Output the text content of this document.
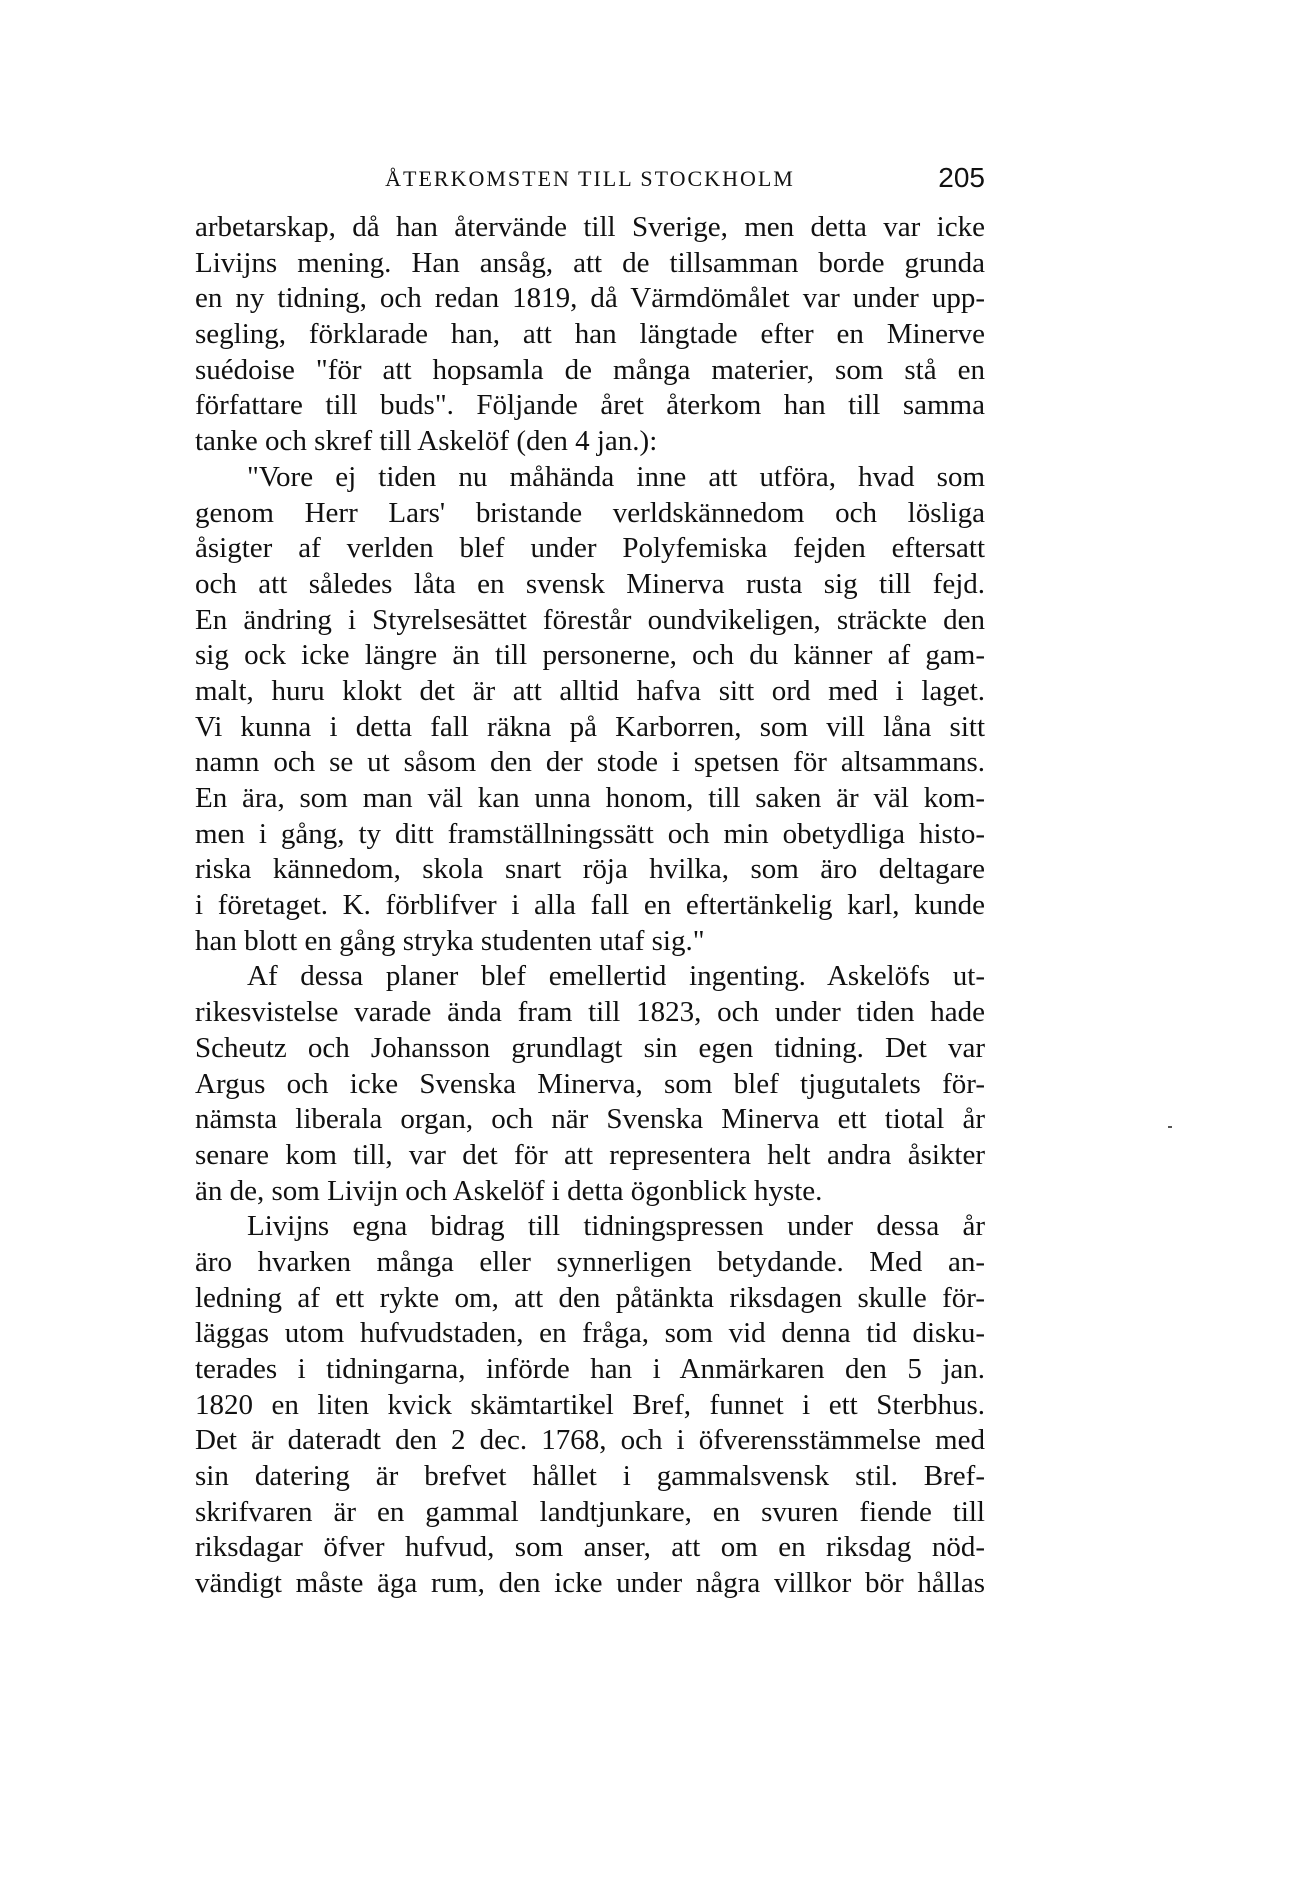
ÅTERKOMSTEN TILL STOCKHOLM	205
arbetarskap, då han återvände till Sverige, men detta var icke
Livijns mening. Han ansåg, att de tillsamman borde grunda
en ny tidning, och redan 1819, då Värmdömålet var under upp-
segling, förklarade han, att han längtade efter en Minerve
suédoise "för att hopsamla de många materier, som stå en
författare till buds". Följande året återkom han till samma
tanke och skref till Askelöf (den 4 jan.):
"Vore ej tiden nu måhända inne att utföra, hvad som
genom Herr Lars' bristande verldskännedom och lösliga
åsigter af verlden blef under Polyfemiska fejden eftersatt
och att således låta en svensk Minerva rusta sig till fejd.
En ändring i Styrelsesättet förestår oundvikeligen, sträckte den
sig ock icke längre än till personerne, och du känner af gam-
malt, huru klokt det är att alltid hafva sitt ord med i laget.
Vi kunna i detta fall räkna på Karborren, som vill låna sitt
namn och se ut såsom den der stode i spetsen för altsammans.
En ära, som man väl kan unna honom, till saken är väl kom-
men i gång, ty ditt framställningssätt och min obetydliga histo-
riska kännedom, skola snart röja hvilka, som äro deltagare
i företaget. K. förblifver i alla fall en eftertänkelig karl, kunde
han blott en gång stryka studenten utaf sig."
Af dessa planer blef emellertid ingenting. Askelöfs ut-
rikesvistelse varade ända fram till 1823, och under tiden hade
Scheutz och Johansson grundlagt sin egen tidning. Det var
Argus och icke Svenska Minerva, som blef tjugutalets för-
nämsta liberala organ, och när Svenska Minerva ett tiotal år
senare kom till, var det för att representera helt andra åsikter
än de, som Livijn och Askelöf i detta ögonblick hyste.
Livijns egna bidrag till tidningspressen under dessa år
äro hvarken många eller synnerligen betydande. Med an-
ledning af ett rykte om, att den påtänkta riksdagen skulle för-
läggas utom hufvudstaden, en fråga, som vid denna tid disku-
terades i tidningarna, införde han i Anmärkaren den 5 jan.
1820 en liten kvick skämtartikel Bref, funnet i ett Sterbhus.
Det är dateradt den 2 dec. 1768, och i öfverensstämmelse med
sin datering är brefvet hållet i gammalsvensk stil. Bref-
skrifvaren är en gammal landtjunkare, en svuren fiende till
riksdagar öfver hufvud, som anser, att om en riksdag nöd-
vändigt måste äga rum, den icke under några villkor bör hållas
